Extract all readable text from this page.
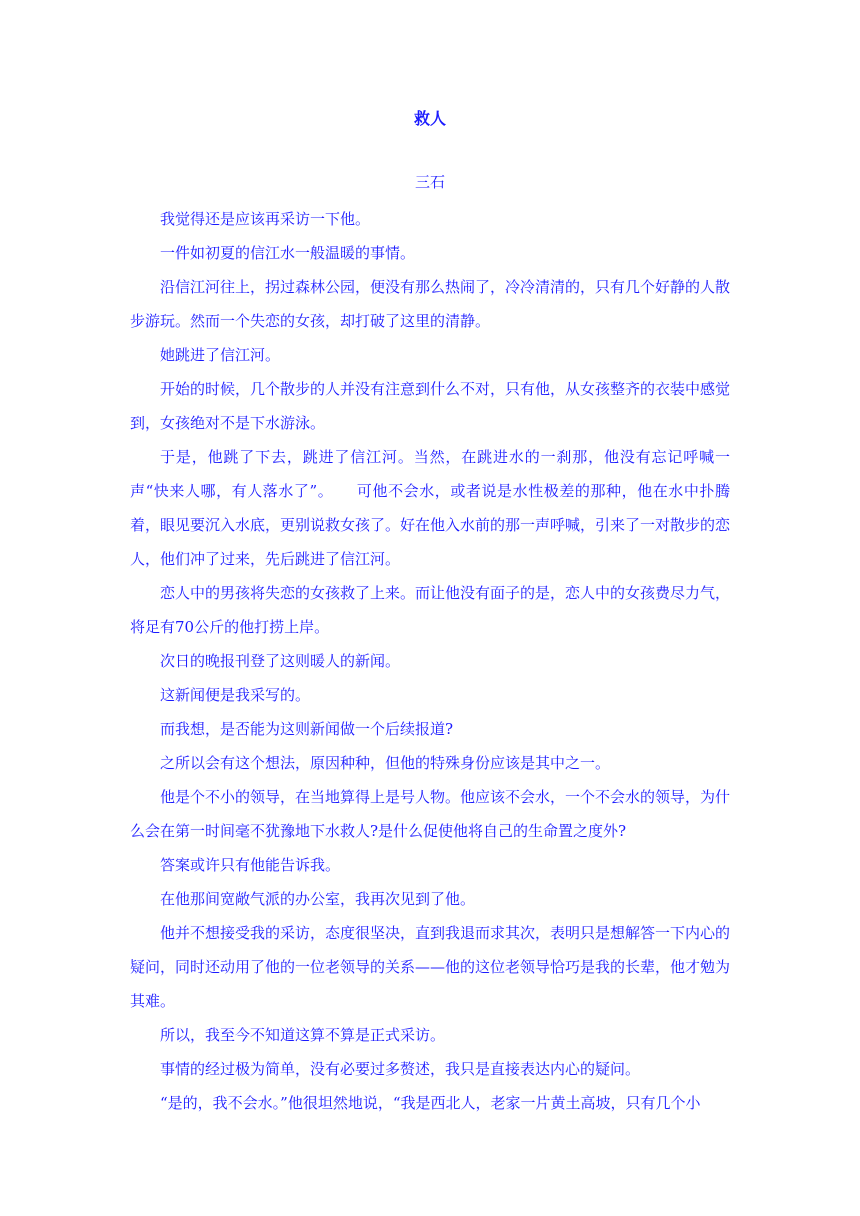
救人
三石

我觉得还是应该再采访一下他。

一件如初夏的信江水一般温暖的事情。

沿信江河往上，拐过森林公园，便没有那么热闹了，冷冷清清的，只有几个好静的人散步游玩。然而一个失恋的女孩，却打破了这里的清静。

她跳进了信江河。

开始的时候，几个散步的人并没有注意到什么不对，只有他，从女孩整齐的衣装中感觉到，女孩绝对不是下水游泳。

于是，他跳了下去，跳进了信江河。当然，在跳进水的一刹那，他没有忘记呼喊一声“快来人哪，有人落水了”。　　可他不会水，或者说是水性极差的那种，他在水中扑腾着，眼见要沉入水底，更别说救女孩了。好在他入水前的那一声呼喊，引来了一对散步的恋人，他们冲了过来，先后跳进了信江河。

恋人中的男孩将失恋的女孩救了上来。而让他没有面子的是，恋人中的女孩费尽力气，将足有70公斤的他打捞上岸。

次日的晚报刊登了这则暖人的新闻。

这新闻便是我采写的。

而我想，是否能为这则新闻做一个后续报道?

之所以会有这个想法，原因种种，但他的特殊身份应该是其中之一。

他是个不小的领导，在当地算得上是号人物。他应该不会水，一个不会水的领导，为什么会在第一时间毫不犹豫地下水救人?是什么促使他将自己的生命置之度外?

答案或许只有他能告诉我。

在他那间宽敞气派的办公室，我再次见到了他。

他并不想接受我的采访，态度很坚决，直到我退而求其次，表明只是想解答一下内心的疑问，同时还动用了他的一位老领导的关系——他的这位老领导恰巧是我的长辈，他才勉为其难。

所以，我至今不知道这算不算是正式采访。

事情的经过极为简单，没有必要过多赘述，我只是直接表达内心的疑问。

“是的，我不会水。”他很坦然地说，“我是西北人，老家一片黄土高坡，只有几个小
